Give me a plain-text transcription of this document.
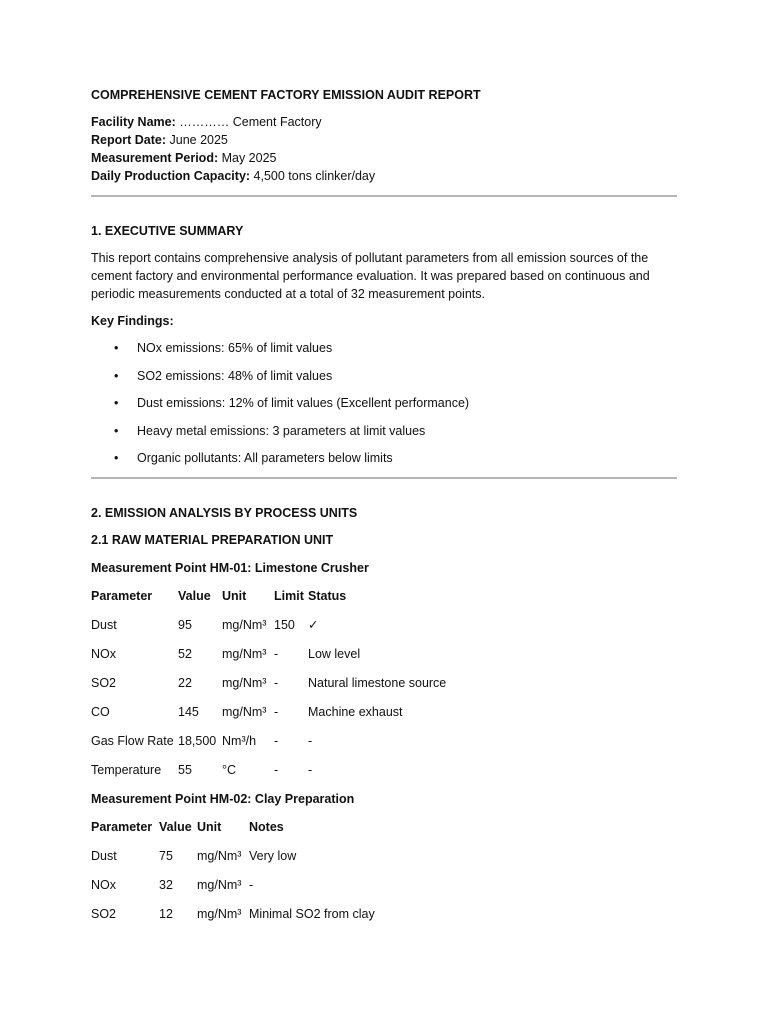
COMPREHENSIVE CEMENT FACTORY EMISSION AUDIT REPORT
Facility Name: ………… Cement Factory
Report Date: June 2025
Measurement Period: May 2025
Daily Production Capacity: 4,500 tons clinker/day
1. EXECUTIVE SUMMARY

This report contains comprehensive analysis of pollutant parameters from all emission sources of the cement factory and environmental performance evaluation. It was prepared based on continuous and periodic measurements conducted at a total of 32 measurement points.

Key Findings:
• NOx emissions: 65% of limit values
• SO2 emissions: 48% of limit values
• Dust emissions: 12% of limit values (Excellent performance)
• Heavy metal emissions: 3 parameters at limit values
• Organic pollutants: All parameters below limits
2. EMISSION ANALYSIS BY PROCESS UNITS
2.1 RAW MATERIAL PREPARATION UNIT
Measurement Point HM-01: Limestone Crusher
Parameter	Value	Unit	Limit	Status
Dust	95	mg/Nm³	150	✓
NOx	52	mg/Nm³	-	Low level
SO2	22	mg/Nm³	-	Natural limestone source
CO	145	mg/Nm³	-	Machine exhaust
Gas Flow Rate	18,500	Nm³/h	-	-
Temperature	55	°C	-	-
Measurement Point HM-02: Clay Preparation
Parameter	Value	Unit	Notes
Dust	75	mg/Nm³	Very low
NOx	32	mg/Nm³	-
SO2	12	mg/Nm³	Minimal SO2 from clay
